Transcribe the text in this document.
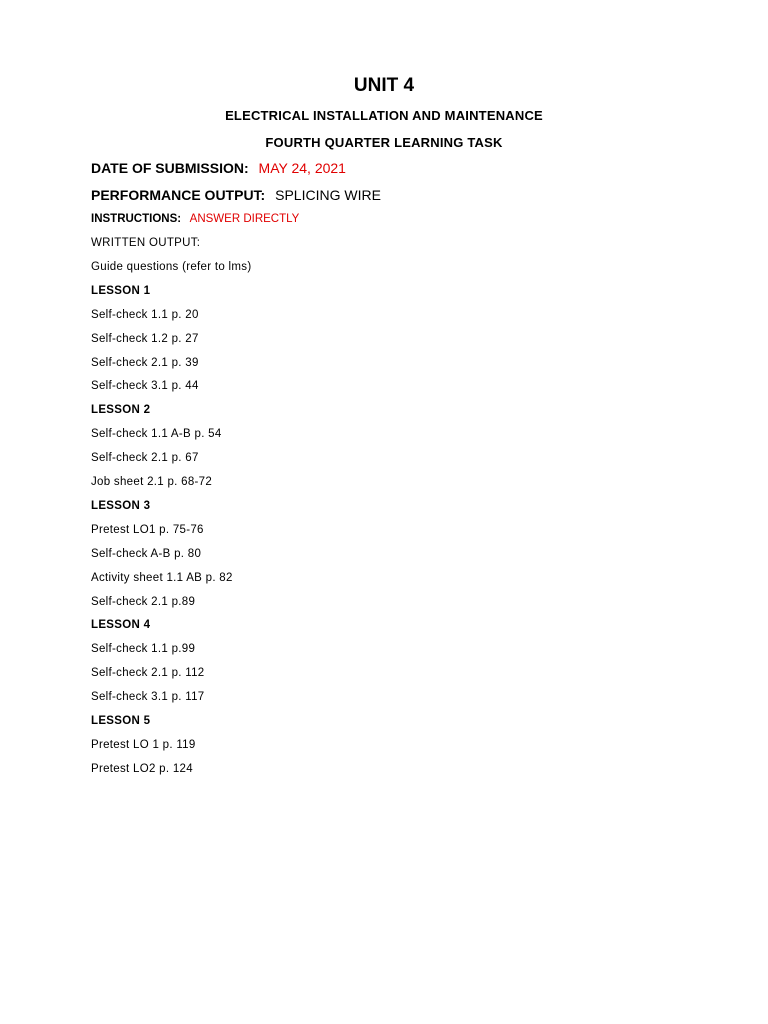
UNIT 4
ELECTRICAL INSTALLATION AND MAINTENANCE
FOURTH QUARTER LEARNING TASK
DATE OF SUBMISSION: MAY 24, 2021
PERFORMANCE OUTPUT: SPLICING WIRE
INSTRUCTIONS: ANSWER DIRECTLY
WRITTEN OUTPUT:
Guide questions (refer to lms)
LESSON 1
Self-check 1.1 p. 20
Self-check 1.2 p. 27
Self-check 2.1 p. 39
Self-check 3.1 p. 44
LESSON 2
Self-check 1.1 A-B p. 54
Self-check 2.1 p. 67
Job sheet 2.1 p. 68-72
LESSON 3
Pretest LO1 p. 75-76
Self-check A-B p. 80
Activity sheet 1.1 AB p. 82
Self-check 2.1 p.89
LESSON 4
Self-check 1.1 p.99
Self-check 2.1 p. 112
Self-check 3.1 p. 117
LESSON 5
Pretest LO 1 p. 119
Pretest LO2 p. 124
